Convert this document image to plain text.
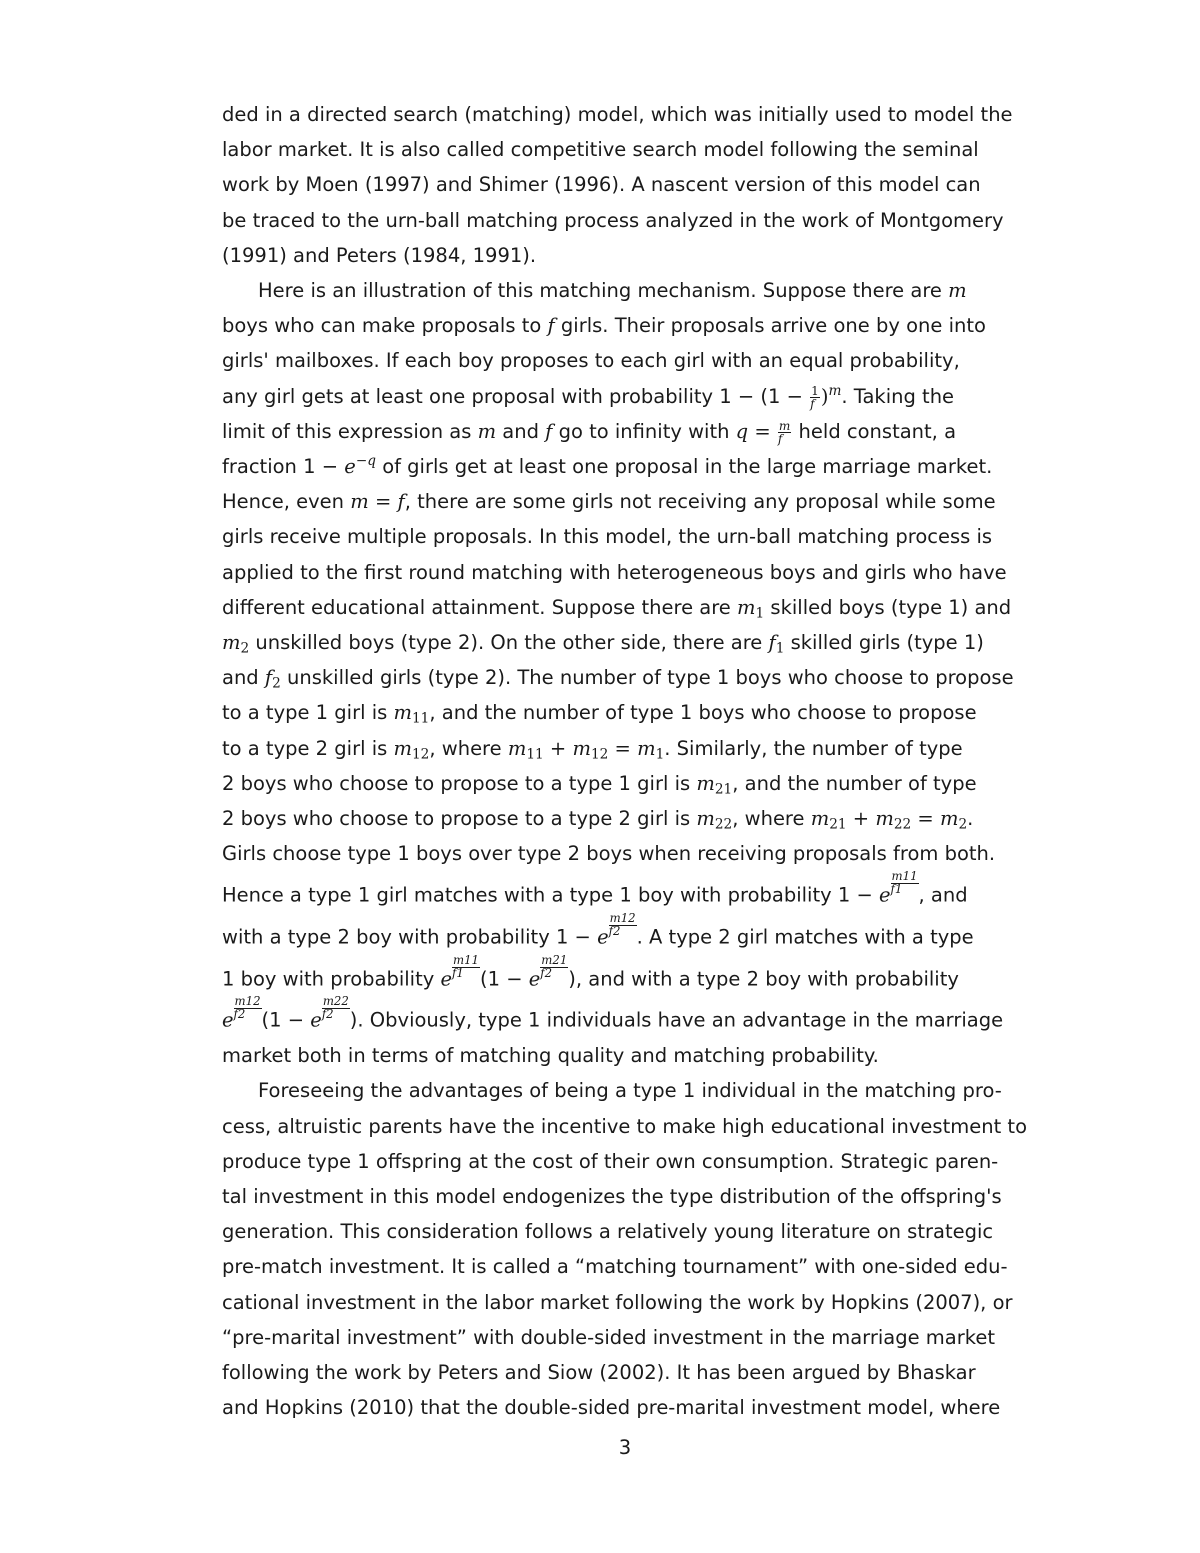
ded in a directed search (matching) model, which was initially used to model the
labor market. It is also called competitive search model following the seminal
work by Moen (1997) and Shimer (1996). A nascent version of this model can
be traced to the urn-ball matching process analyzed in the work of Montgomery
(1991) and Peters (1984, 1991).

Here is an illustration of this matching mechanism. Suppose there are m
boys who can make proposals to f girls. Their proposals arrive one by one into
girls' mailboxes. If each boy proposes to each girl with an equal probability,
any girl gets at least one proposal with probability $1 - (1 - \frac{1}{f} )^m$. Taking the
limit of this expression as m and f go to infinity with $q = \frac{m}{f}$ held constant, a
fraction $1 - e^{-q}$ of girls get at least one proposal in the large marriage market.
Hence, even m = f, there are some girls not receiving any proposal while some
girls receive multiple proposals. In this model, the urn-ball matching process is
applied to the first round matching with heterogeneous boys and girls who have
different educational attainment. Suppose there are $m_1$ skilled boys (type 1) and
$m_2$ unskilled boys (type 2). On the other side, there are $f_1$ skilled girls (type 1)
and $f_2$ unskilled girls (type 2). The number of type 1 boys who choose to propose
to a type 1 girl is $m_{11}$, and the number of type 1 boys who choose to propose
to a type 2 girl is $m_{12}$, where $m_{11} + m_{12} = m_1$. Similarly, the number of type
2 boys who choose to propose to a type 1 girl is $m_{21}$, and the number of type
2 boys who choose to propose to a type 2 girl is $m_{22}$, where $m_{21} + m_{22} = m_2$.
Girls choose type 1 boys over type 2 boys when receiving proposals from both.
Hence a type 1 girl matches with a type 1 boy with probability 1 − e $\frac{m11}{f1}$ , and
with a type 2 boy with probability 1 − e $\frac{m12}{f2}$ . A type 2 girl matches with a type
1 boy with probability e $\frac{m11}{f1} (1 - e \frac{m21}{f2}$ ), and with a type 2 boy with probability
e $\frac{m12}{f2} (1 - e \frac{m22}{f2}$ ). Obviously, type 1 individuals have an advantage in the marriage
market both in terms of matching quality and matching probability.

Foreseeing the advantages of being a type 1 individual in the matching pro-
cess, altruistic parents have the incentive to make high educational investment to
produce type 1 offspring at the cost of their own consumption. Strategic paren-
tal investment in this model endogenizes the type distribution of the offspring's
generation. This consideration follows a relatively young literature on strategic
pre-match investment. It is called a “matching tournament” with one-sided edu-
cational investment in the labor market following the work by Hopkins (2007), or
“pre-marital investment” with double-sided investment in the marriage market
following the work by Peters and Siow (2002). It has been argued by Bhaskar
and Hopkins (2010) that the double-sided pre-marital investment model, where

3
